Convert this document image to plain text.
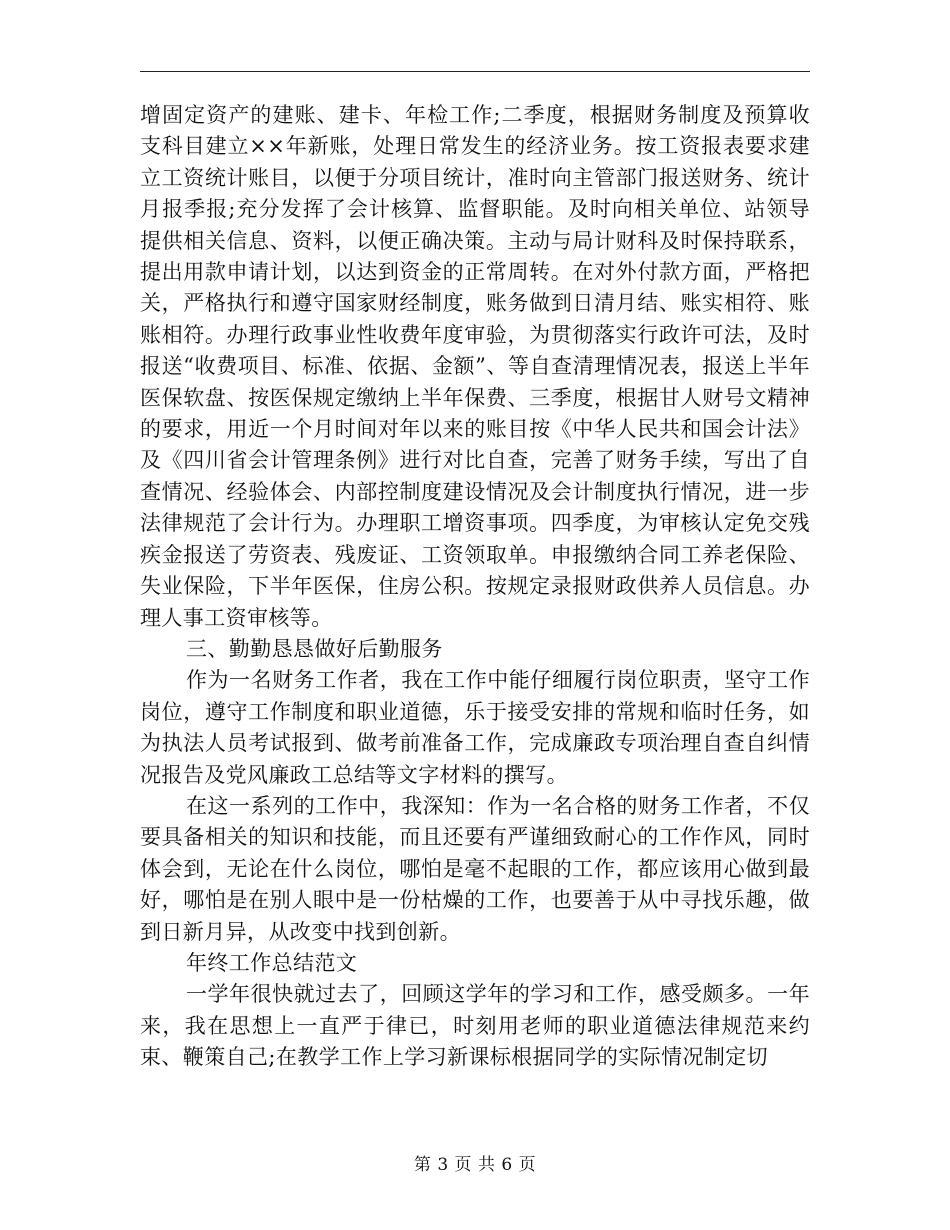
增固定资产的建账、建卡、年检工作;二季度，根据财务制度及预算收支科目建立××年新账，处理日常发生的经济业务。按工资报表要求建立工资统计账目，以便于分项目统计，准时向主管部门报送财务、统计月报季报;充分发挥了会计核算、监督职能。及时向相关单位、站领导提供相关信息、资料，以便正确决策。主动与局计财科及时保持联系，提出用款申请计划，以达到资金的正常周转。在对外付款方面，严格把关，严格执行和遵守国家财经制度，账务做到日清月结、账实相符、账账相符。办理行政事业性收费年度审验，为贯彻落实行政许可法，及时报送“收费项目、标准、依据、金额”、等自查清理情况表，报送上半年医保软盘、按医保规定缴纳上半年保费、三季度，根据甘人财号文精神的要求，用近一个月时间对年以来的账目按《中华人民共和国会计法》及《四川省会计管理条例》进行对比自查，完善了财务手续，写出了自查情况、经验体会、内部控制度建设情况及会计制度执行情况，进一步法律规范了会计行为。办理职工增资事项。四季度，为审核认定免交残疾金报送了劳资表、残废证、工资领取单。申报缴纳合同工养老保险、失业保险，下半年医保，住房公积。按规定录报财政供养人员信息。办理人事工资审核等。

三、勤勤恳恳做好后勤服务

作为一名财务工作者，我在工作中能仔细履行岗位职责，坚守工作岗位，遵守工作制度和职业道德，乐于接受安排的常规和临时任务，如为执法人员考试报到、做考前准备工作，完成廉政专项治理自查自纠情况报告及党风廉政工总结等文字材料的撰写。

在这一系列的工作中，我深知：作为一名合格的财务工作者，不仅要具备相关的知识和技能，而且还要有严谨细致耐心的工作作风，同时体会到，无论在什么岗位，哪怕是毫不起眼的工作，都应该用心做到最好，哪怕是在别人眼中是一份枯燥的工作，也要善于从中寻找乐趣，做到日新月异，从改变中找到创新。

年终工作总结范文

一学年很快就过去了，回顾这学年的学习和工作，感受颇多。一年来，我在思想上一直严于律已，时刻用老师的职业道德法律规范来约束、鞭策自己;在教学工作上学习新课标根据同学的实际情况制定切

第 3 页 共 6 页
